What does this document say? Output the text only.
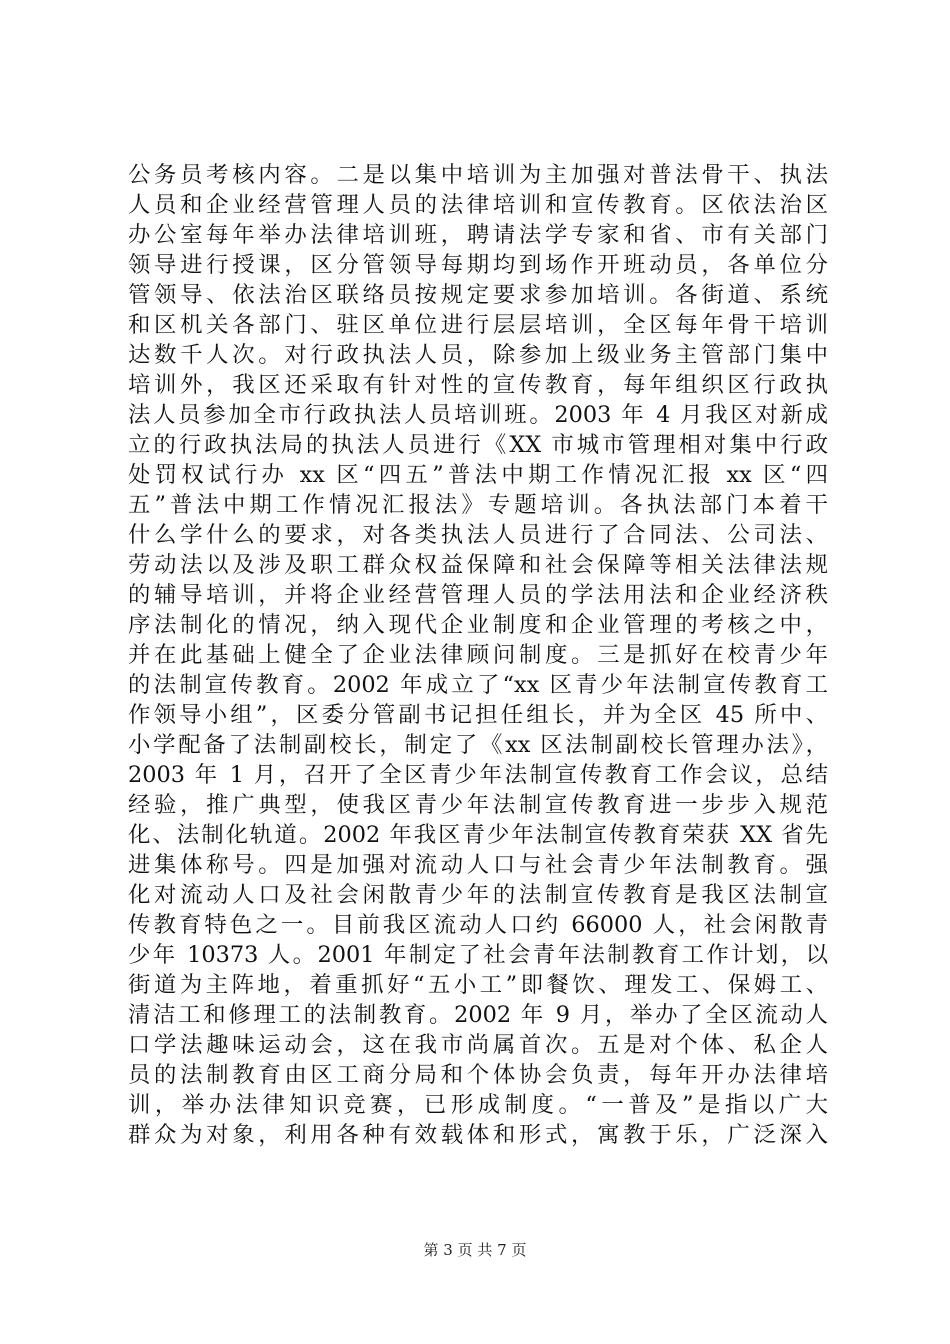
公务员考核内容。二是以集中培训为主加强对普法骨干、执法
人员和企业经营管理人员的法律培训和宣传教育。区依法治区
办公室每年举办法律培训班，聘请法学专家和省、市有关部门
领导进行授课，区分管领导每期均到场作开班动员，各单位分
管领导、依法治区联络员按规定要求参加培训。各街道、系统
和区机关各部门、驻区单位进行层层培训，全区每年骨干培训
达数千人次。对行政执法人员，除参加上级业务主管部门集中
培训外，我区还采取有针对性的宣传教育，每年组织区行政执
法人员参加全市行政执法人员培训班。2003 年 4 月我区对新成
立的行政执法局的执法人员进行《XX 市城市管理相对集中行政
处罚权试行办 xx 区“四五”普法中期工作情况汇报 xx 区“四
五”普法中期工作情况汇报法》专题培训。各执法部门本着干
什么学什么的要求，对各类执法人员进行了合同法、公司法、
劳动法以及涉及职工群众权益保障和社会保障等相关法律法规
的辅导培训，并将企业经营管理人员的学法用法和企业经济秩
序法制化的情况，纳入现代企业制度和企业管理的考核之中，
并在此基础上健全了企业法律顾问制度。三是抓好在校青少年
的法制宣传教育。2002 年成立了“xx 区青少年法制宣传教育工
作领导小组”，区委分管副书记担任组长，并为全区 45 所中、
小学配备了法制副校长，制定了《xx 区法制副校长管理办法》，
2003 年 1 月，召开了全区青少年法制宣传教育工作会议，总结
经验，推广典型，使我区青少年法制宣传教育进一步步入规范
化、法制化轨道。2002 年我区青少年法制宣传教育荣获 XX 省先
进集体称号。四是加强对流动人口与社会青少年法制教育。强
化对流动人口及社会闲散青少年的法制宣传教育是我区法制宣
传教育特色之一。目前我区流动人口约 66000 人，社会闲散青
少年 10373 人。2001 年制定了社会青年法制教育工作计划，以
街道为主阵地，着重抓好“五小工”即餐饮、理发工、保姆工、
清洁工和修理工的法制教育。2002 年 9 月，举办了全区流动人
口学法趣味运动会，这在我市尚属首次。五是对个体、私企人
员的法制教育由区工商分局和个体协会负责，每年开办法律培
训，举办法律知识竞赛，已形成制度。“一普及”是指以广大
群众为对象，利用各种有效载体和形式，寓教于乐，广泛深入
第 3 页 共 7 页
